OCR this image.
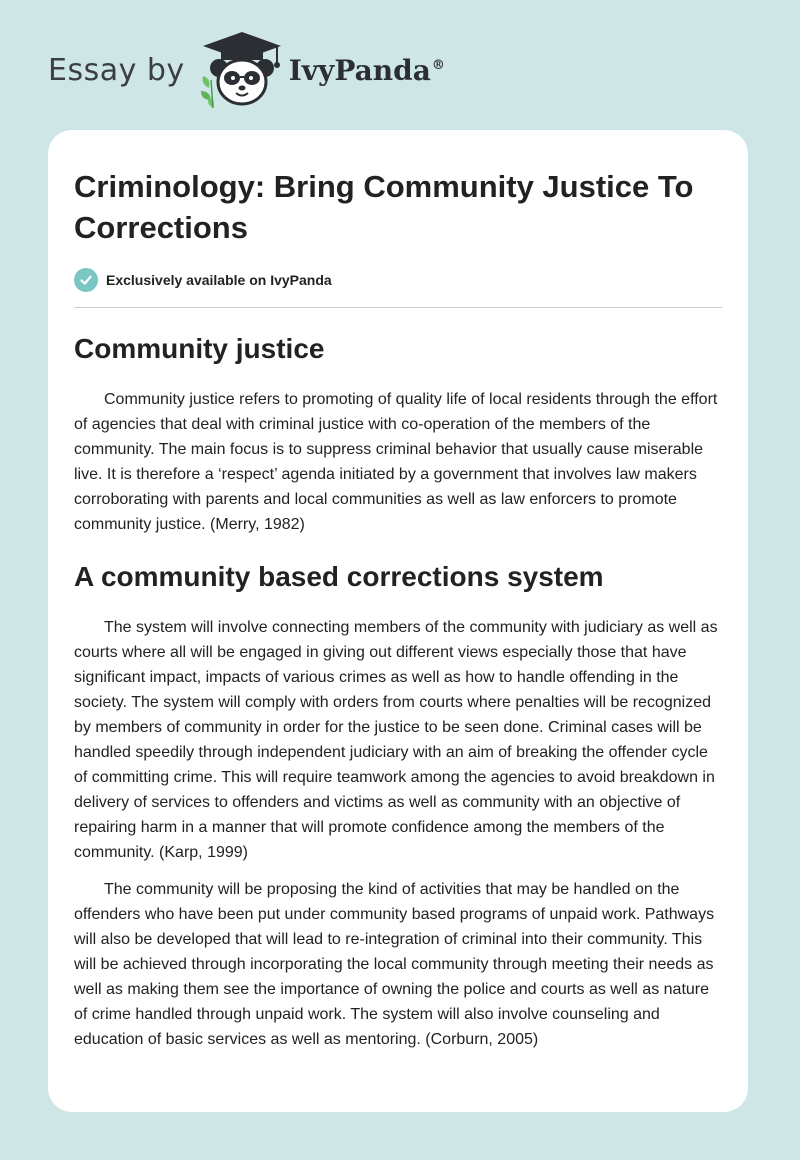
Essay by	IvyPanda®
Criminology: Bring Community Justice To Corrections
Exclusively available on IvyPanda
Community justice

Community justice refers to promoting of quality life of local residents through the effort of agencies that deal with criminal justice with co-operation of the members of the community. The main focus is to suppress criminal behavior that usually cause miserable live. It is therefore a ‘respect’ agenda initiated by a government that involves law makers corroborating with parents and local communities as well as law enforcers to promote community justice. (Merry, 1982)

A community based corrections system

The system will involve connecting members of the community with judiciary as well as courts where all will be engaged in giving out different views especially those that have significant impact, impacts of various crimes as well as how to handle offending in the society. The system will comply with orders from courts where penalties will be recognized by members of community in order for the justice to be seen done. Criminal cases will be handled speedily through independent judiciary with an aim of breaking the offender cycle of committing crime. This will require teamwork among the agencies to avoid breakdown in delivery of services to offenders and victims as well as community with an objective of repairing harm in a manner that will promote confidence among the members of the community. (Karp, 1999)

The community will be proposing the kind of activities that may be handled on the offenders who have been put under community based programs of unpaid work. Pathways will also be developed that will lead to re-integration of criminal into their community. This will be achieved through incorporating the local community through meeting their needs as well as making them see the importance of owning the police and courts as well as nature of crime handled through unpaid work. The system will also involve counseling and education of basic services as well as mentoring. (Corburn, 2005)
